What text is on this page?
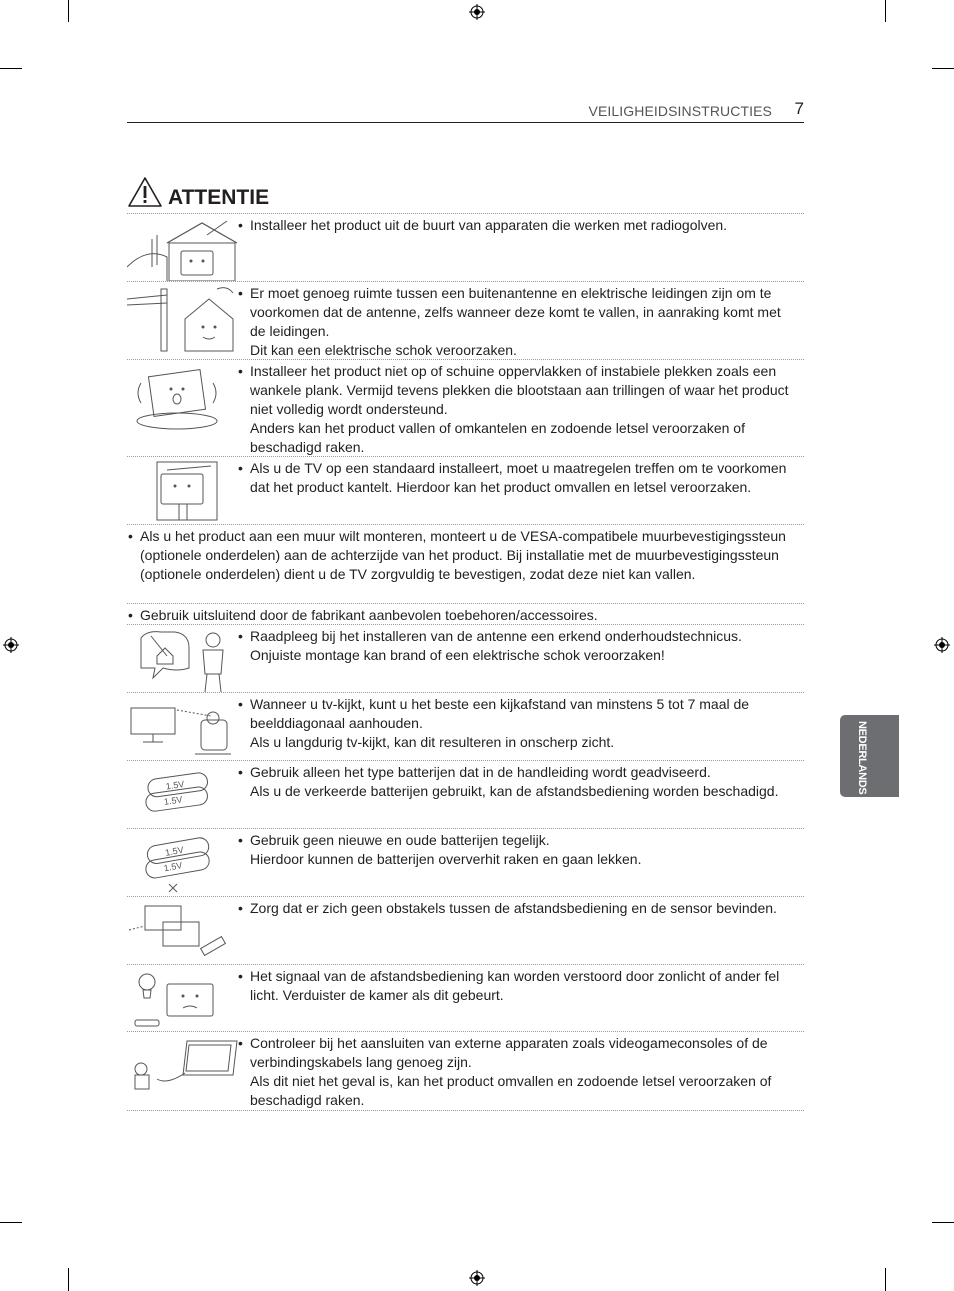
VEILIGHEIDSINSTRUCTIES 7
ATTENTIE
• Installeer het product uit de buurt van apparaten die werken met radiogolven.

• Er moet genoeg ruimte tussen een buitenantenne en elektrische leidingen zijn om te voorkomen dat de antenne, zelfs wanneer deze komt te vallen, in aanraking komt met de leidingen.

Dit kan een elektrische schok veroorzaken.

• Installeer het product niet op of schuine oppervlakken of instabiele plekken zoals een wankele plank. Vermijd tevens plekken die blootstaan aan trillingen of waar het product niet volledig wordt ondersteund.

Anders kan het product vallen of omkantelen en zodoende letsel veroorzaken of beschadigd raken.

• Als u de TV op een standaard installeert, moet u maatregelen treffen om te voorkomen dat het product kantelt. Hierdoor kan het product omvallen en letsel veroorzaken.

• Als u het product aan een muur wilt monteren, monteert u de VESA-compatibele muurbevestigingssteun (optionele onderdelen) aan de achterzijde van het product. Bij installatie met de muurbevestigingssteun (optionele onderdelen) dient u de TV zorgvuldig te bevestigen, zodat deze niet kan vallen.

• Gebruik uitsluitend door de fabrikant aanbevolen toebehoren/accessoires.

• Raadpleeg bij het installeren van de antenne een erkend onderhoudstechnicus.

Onjuiste montage kan brand of een elektrische schok veroorzaken!

• Wanneer u tv-kijkt, kunt u het beste een kijkafstand van minstens 5 tot 7 maal de beelddiagonaal aanhouden.

Als u langdurig tv-kijkt, kan dit resulteren in onscherp zicht.

1.5V
1.5V
• Gebruik alleen het type batterijen dat in de handleiding wordt geadviseerd.

Als u de verkeerde batterijen gebruikt, kan de afstandsbediening worden beschadigd.

1.5V
1.5V
• Gebruik geen nieuwe en oude batterijen tegelijk.

Hierdoor kunnen de batterijen oververhit raken en gaan lekken.

• Zorg dat er zich geen obstakels tussen de afstandsbediening en de sensor bevinden.

• Het signaal van de afstandsbediening kan worden verstoord door zonlicht of ander fel licht. Verduister de kamer als dit gebeurt.

• Controleer bij het aansluiten van externe apparaten zoals videogameconsoles of de verbindingskabels lang genoeg zijn.

Als dit niet het geval is, kan het product omvallen en zodoende letsel veroorzaken of beschadigd raken.

NEDERLANDS
